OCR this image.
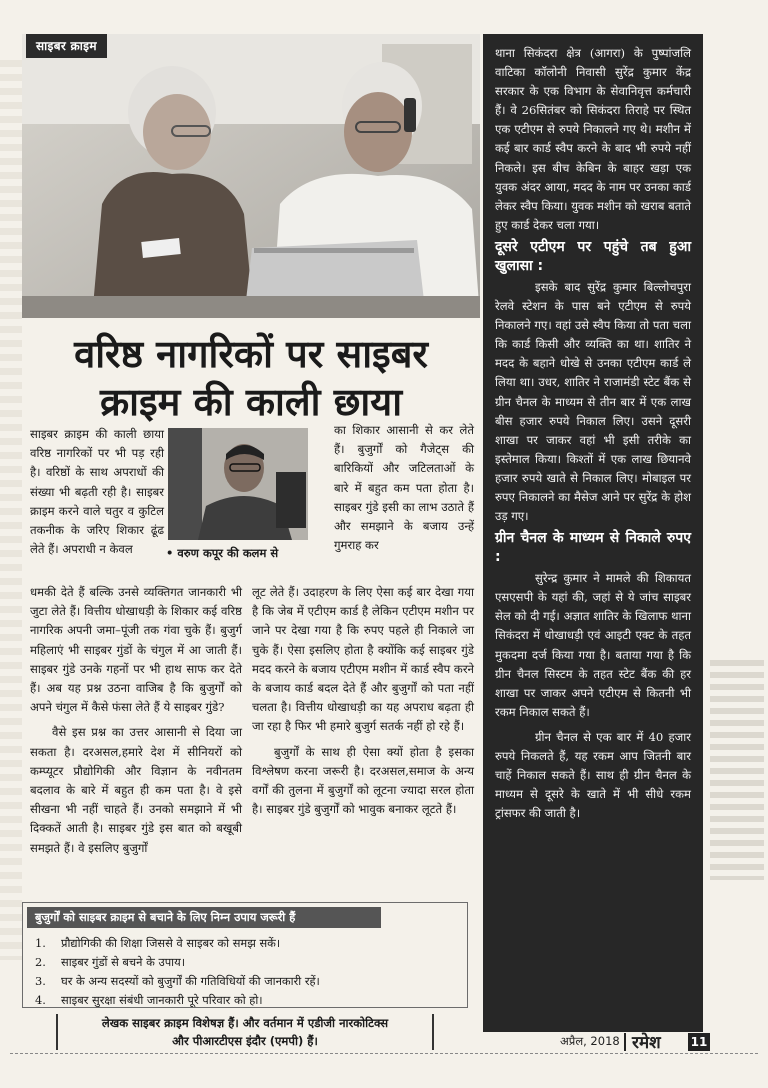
साइबर क्राइम
वरिष्ठ नागरिकों पर साइबर
क्राइम की काली छाया
• वरुण कपूर की कलम से

साइबर क्राइम की काली छाया वरिष्ठ नागरिकों पर भी पड़ रही है। वरिष्ठों के साथ अपराधों की संख्या भी बढ़ती रही है। साइबर क्राइम करने वाले चतुर व कुटिल तकनीक के जरिए शिकार ढूंढ लेते हैं। अपराधी न केवल

का शिकार आसानी से कर लेते हैं। बुजुर्गों को गैजेट्स की बारिकियों और जटिलताओं के बारे में बहुत कम पता होता है। साइबर गुंडे इसी का लाभ उठाते हैं और समझाने के बजाय उन्हें गुमराह कर

धमकी देते हैं बल्कि उनसे व्यक्तिगत जानकारी भी जुटा लेते हैं। वित्तीय धोखाधड़ी के शिकार कई वरिष्ठ नागरिक अपनी जमा–पूंजी तक गंवा चुके हैं। बुजुर्ग महिलाएं भी साइबर गुंडों के चंगुल में आ जाती हैं। साइबर गुंडे उनके गहनों पर भी हाथ साफ कर देते हैं। अब यह प्रश्न उठना वाजिब है कि बुजुर्गों को अपने चंगुल में कैसे फंसा लेते हैं ये साइबर गुंडे?

वैसे इस प्रश्न का उत्तर आसानी से दिया जा सकता है। दरअसल,हमारे देश में सीनियरों को कम्प्यूटर प्रौद्योगिकी और विज्ञान के नवीनतम बदलाव के बारे में बहुत ही कम पता है। वे इसे सीखना भी नहीं चाहते हैं। उनको समझाने में भी दिक्कतें आती है। साइबर गुंडे इस बात को बखूबी समझते हैं। वे इसलिए बुजुर्गों

लूट लेते हैं। उदाहरण के लिए ऐसा कई बार देखा गया है कि जेब में एटीएम कार्ड है लेकिन एटीएम मशीन पर जाने पर देखा गया है कि रुपए पहले ही निकाले जा चुके हैं। ऐसा इसलिए होता है क्योंकि कई साइबर गुंडे मदद करने के बजाय एटीएम मशीन में कार्ड स्वैप करने के बजाय कार्ड बदल देते हैं और बुजुर्गों को पता नहीं चलता है। वित्तीय धोखाधड़ी का यह अपराध बढ़ता ही जा रहा है फिर भी हमारे बुजुर्ग सतर्क नहीं हो रहे हैं।

बुजुर्गों के साथ ही ऐसा क्यों होता है इसका विश्लेषण करना जरूरी है। दरअसल,समाज के अन्य वर्गों की तुलना में बुजुर्गों को लूटना ज्यादा सरल होता है। साइबर गुंडे बुजुर्गों को भावुक बनाकर लूटते हैं।

बुजुर्गों को साइबर क्राइम से बचाने के लिए निम्न उपाय जरूरी हैं
1.	प्रौद्योगिकी की शिक्षा जिससे वे साइबर को समझ सकें।
2.	साइबर गुंडों से बचने के उपाय।
3.	घर के अन्य सदस्यों को बुजुर्गों की गतिविधियों की जानकारी रहें।
4.	साइबर सुरक्षा संबंधी जानकारी पूरे परिवार को हो।
लेखक साइबर क्राइम विशेषज्ञ हैं। और वर्तमान में एडीजी नारकोटिक्स
और पीआरटीएस इंदौर (एमपी) हैं।

थाना सिकंदरा क्षेत्र (आगरा) के पुष्पांजलि वाटिका कॉलोनी निवासी सुरेंद्र कुमार केंद्र सरकार के एक विभाग के सेवानिवृत्त कर्मचारी हैं। वे 26सितंबर को सिकंदरा तिराहे पर स्थित एक एटीएम से रुपये निकालने गए थे। मशीन में कई बार कार्ड स्वैप करने के बाद भी रुपये नहीं निकले। इस बीच केबिन के बाहर खड़ा एक युवक अंदर आया, मदद के नाम पर उनका कार्ड लेकर स्वैप किया। युवक मशीन को खराब बताते हुए कार्ड देकर चला गया।

दूसरे एटीएम पर पहुंचे तब हुआ खुलासा :

इसके बाद सुरेंद्र कुमार बिल्लोचपुरा रेलवे स्टेशन के पास बने एटीएम से रुपये निकालने गए। वहां उसे स्वैप किया तो पता चला कि कार्ड किसी और व्यक्ति का था। शातिर ने मदद के बहाने धोखे से उनका एटीएम कार्ड ले लिया था। उधर, शातिर ने राजामंडी स्टेट बैंक से ग्रीन चैनल के माध्यम से तीन बार में एक लाख बीस हजार रुपये निकाल लिए। उसने दूसरी शाखा पर जाकर वहां भी इसी तरीके का इस्तेमाल किया। किश्तों में एक लाख छियानवे हजार रुपये खाते से निकाल लिए। मोबाइल पर रुपए निकालने का मैसेज आने पर सुरेंद्र के होश उड़ गए।

ग्रीन चैनल के माध्यम से निकाले रुपए :

सुरेन्द्र कुमार ने मामले की शिकायत एसएसपी के यहां की, जहां से ये जांच साइबर सेल को दी गई। अज्ञात शातिर के खिलाफ थाना सिकंदरा में धोखाधड़ी एवं आइटी एक्ट के तहत मुकदमा दर्ज किया गया है। बताया गया है कि ग्रीन चैनल सिस्टम के तहत स्टेट बैंक की हर शाखा पर जाकर अपने एटीएम से कितनी भी रकम निकाल सकते हैं।

ग्रीन चैनल से एक बार में 40 हजार रुपये निकलते हैं, यह रकम आप जितनी बार चाहें निकाल सकते हैं। साथ ही ग्रीन चैनल के माध्यम से दूसरे के खाते में भी सीधे रकम ट्रांसफर की जाती है।

अप्रैल, 2018 रमेश 11
